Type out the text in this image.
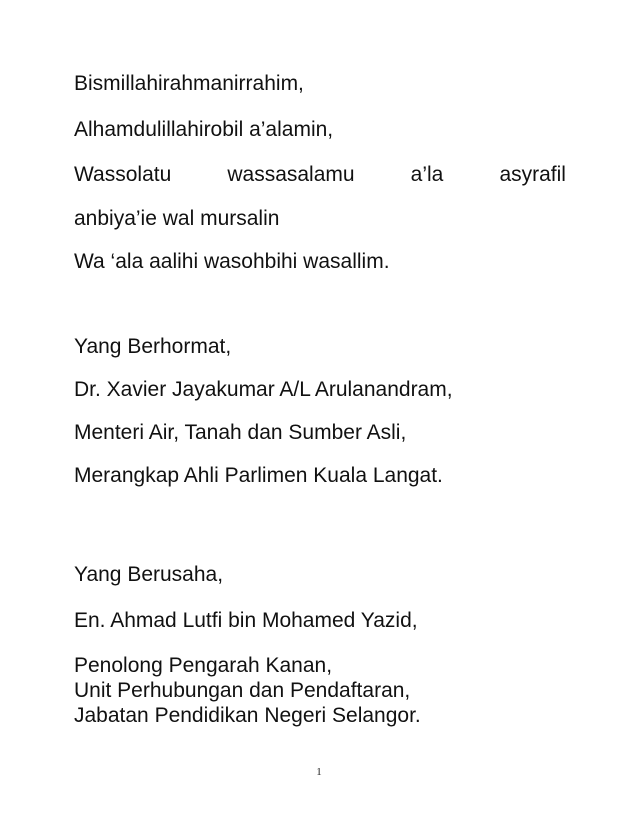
Bismillahirahmanirrahim,
Alhamdulillahirobil a’alamin,
Wassolatu	wassasalamu	a’la	asyrafil
anbiya’ie wal mursalin
Wa ‘ala aalihi wasohbihi wasallim.
Yang Berhormat,
Dr. Xavier Jayakumar A/L Arulanandram,
Menteri Air, Tanah dan Sumber Asli,
Merangkap Ahli Parlimen Kuala Langat.
Yang Berusaha,
En. Ahmad Lutfi bin Mohamed Yazid,
Penolong Pengarah Kanan,
Unit Perhubungan dan Pendaftaran,
Jabatan Pendidikan Negeri Selangor.
1
